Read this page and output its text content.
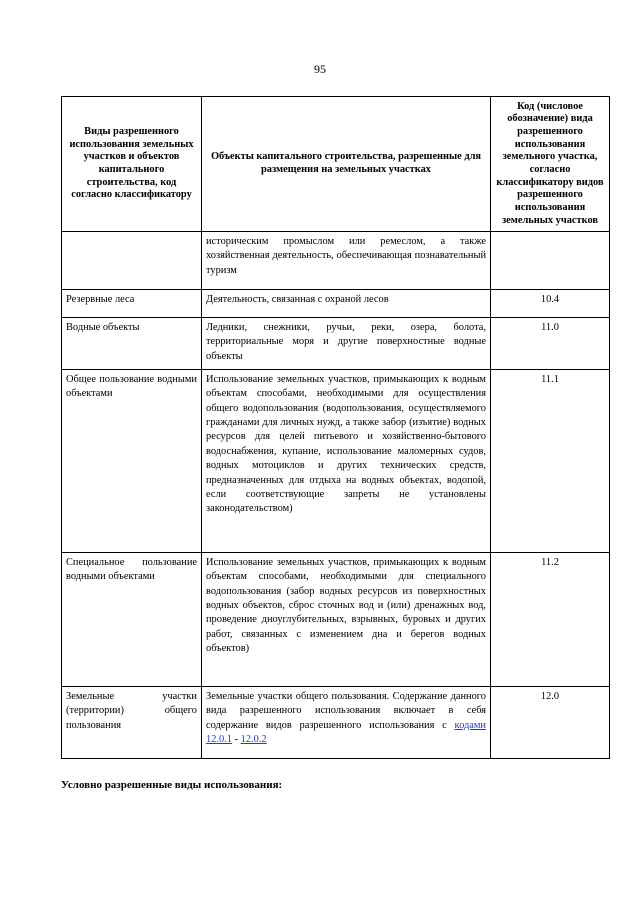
95
Виды разрешенного использования земельных участков и объектов капитального строительства, код согласно классификатору	Объекты капитального строительства, разрешенные для размещения на земельных участках	Код (числовое обозначение) вида разрешенного использования земельного участка, согласно классификатору видов разрешенного использования земельных участков
	историческим промыслом или ремеслом, а также хозяйственная деятельность, обеспечивающая познавательный туризм	
Резервные леса	Деятельность, связанная с охраной лесов	10.4
Водные объекты	Ледники, снежники, ручьи, реки, озера, болота, территориальные моря и другие поверхностные водные объекты	11.0
Общее пользование водными объектами	Использование земельных участков, примыкающих к водным объектам способами, необходимыми для осуществления общего водопользования (водопользования, осуществляемого гражданами для личных нужд, а также забор (изъятие) водных ресурсов для целей питьевого и хозяйственно-бытового водоснабжения, купание, использование маломерных судов, водных мотоциклов и других технических средств, предназначенных для отдыха на водных объектах, водопой, если соответствующие запреты не установлены законодательством)	11.1
Специальное пользование водными объектами	Использование земельных участков, примыкающих к водным объектам способами, необходимыми для специального водопользования (забор водных ресурсов из поверхностных водных объектов, сброс сточных вод и (или) дренажных вод, проведение дноуглубительных, взрывных, буровых и других работ, связанных с изменением дна и берегов водных объектов)	11.2
Земельные участки (территории) общего пользования	Земельные участки общего пользования. Содержание данного вида разрешенного использования включает в себя содержание видов разрешенного использования с кодами 12.0.1 - 12.0.2	12.0
Условно разрешенные виды использования:
